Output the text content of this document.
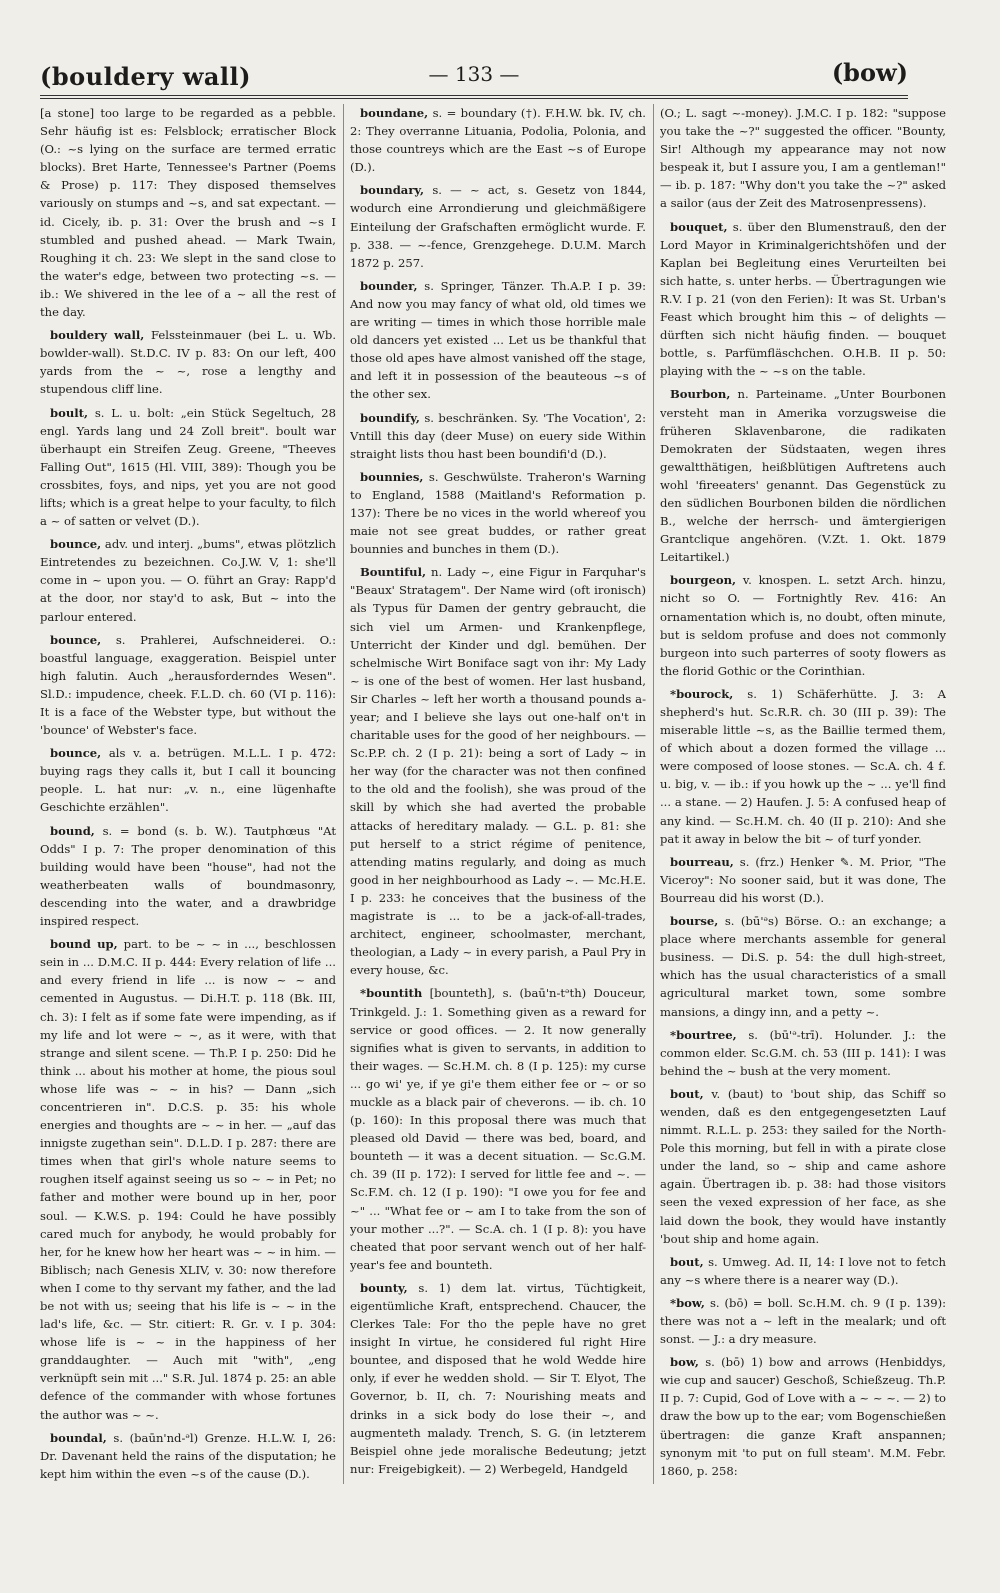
(bouldery wall)	— 133 —	(bow)

[a stone] too large to be regarded as a pebble. Sehr häufig ist es: Felsblock; erratischer Block (O.: ~s lying on the surface are termed erratic blocks). Bret Harte, Tennessee's Partner (Poems & Prose) p. 117: They disposed themselves variously on stumps and ~s, and sat expectant. — id. Cicely, ib. p. 31: Over the brush and ~s I stumbled and pushed ahead. — Mark Twain, Roughing it ch. 23: We slept in the sand close to the water's edge, between two protecting ~s. — ib.: We shivered in the lee of a ~ all the rest of the day.

bouldery wall, Felssteinmauer (bei L. u. Wb. bowlder-wall). St.D.C. IV p. 83: On our left, 400 yards from the ~ ~, rose a lengthy and stupendous cliff line.

boult, s. L. u. bolt: „ein Stück Segeltuch, 28 engl. Yards lang und 24 Zoll breit". boult war überhaupt ein Streifen Zeug. Greene, "Theeves Falling Out", 1615 (Hl. VIII, 389): Though you be crossbites, foys, and nips, yet you are not good lifts; which is a great helpe to your faculty, to filch a ~ of satten or velvet (D.).

bounce, adv. und interj. „bums", etwas plötzlich Eintretendes zu bezeichnen. Co.J.W. V, 1: she'll come in ~ upon you. — O. führt an Gray: Rapp'd at the door, nor stay'd to ask, But ~ into the parlour entered.

bounce, s. Prahlerei, Aufschneiderei. O.: boastful language, exaggeration. Beispiel unter high falutin. Auch „herausforderndes Wesen". Sl.D.: impudence, cheek. F.L.D. ch. 60 (VI p. 116): It is a face of the Webster type, but without the 'bounce' of Webster's face.

bounce, als v. a. betrügen. M.L.L. I p. 472: buying rags they calls it, but I call it bouncing people. L. hat nur: „v. n., eine lügenhafte Geschichte erzählen".

bound, s. = bond (s. b. W.). Tautphœus "At Odds" I p. 7: The proper denomination of this building would have been "house", had not the weatherbeaten walls of boundmasonry, descending into the water, and a drawbridge inspired respect.

bound up, part. to be ~ ~ in ..., beschlossen sein in ... D.M.C. II p. 444: Every relation of life ... and every friend in life ... is now ~ ~ and cemented in Augustus. — Di.H.T. p. 118 (Bk. III, ch. 3): I felt as if some fate were impending, as if my life and lot were ~ ~, as it were, with that strange and silent scene. — Th.P. I p. 250: Did he think ... about his mother at home, the pious soul whose life was ~ ~ in his? — Dann „sich concentrieren in". D.C.S. p. 35: his whole energies and thoughts are ~ ~ in her. — „auf das innigste zugethan sein". D.L.D. I p. 287: there are times when that girl's whole nature seems to roughen itself against seeing us so ~ ~ in Pet; no father and mother were bound up in her, poor soul. — K.W.S. p. 194: Could he have possibly cared much for anybody, he would probably for her, for he knew how her heart was ~ ~ in him. — Biblisch; nach Genesis XLIV, v. 30: now therefore when I come to thy servant my father, and the lad be not with us; seeing that his life is ~ ~ in the lad's life, &c. — Str. citiert: R. Gr. v. I p. 304: whose life is ~ ~ in the happiness of her granddaughter. — Auch mit "with", „eng verknüpft sein mit ..." S.R. Jul. 1874 p. 25: an able defence of the commander with whose fortunes the author was ~ ~.

boundal, s. (baūn'nd-ᵊl) Grenze. H.L.W. I, 26: Dr. Davenant held the rains of the disputation; he kept him within the even ~s of the cause (D.).

boundane, s. = boundary (†). F.H.W. bk. IV, ch. 2: They overranne Lituania, Podolia, Polonia, and those countreys which are the East ~s of Europe (D.).

boundary, s. — ~ act, s. Gesetz von 1844, wodurch eine Arrondierung und gleichmäßigere Einteilung der Grafschaften ermöglicht wurde. F. p. 338. — ~-fence, Grenzgehege. D.U.M. March 1872 p. 257.

bounder, s. Springer, Tänzer. Th.A.P. I p. 39: And now you may fancy of what old, old times we are writing — times in which those horrible male old dancers yet existed ... Let us be thankful that those old apes have almost vanished off the stage, and left it in possession of the beauteous ~s of the other sex.

boundify, s. beschränken. Sy. 'The Vocation', 2: Vntill this day (deer Muse) on euery side Within straight lists thou hast been boundifi'd (D.).

bounnies, s. Geschwülste. Traheron's Warning to England, 1588 (Maitland's Reformation p. 137): There be no vices in the world whereof you maie not see great buddes, or rather great bounnies and bunches in them (D.).

Bountiful, n. Lady ~, eine Figur in Farquhar's "Beaux' Stratagem". Der Name wird (oft ironisch) als Typus für Damen der gentry gebraucht, die sich viel um Armen- und Krankenpflege, Unterricht der Kinder und dgl. bemühen. Der schelmische Wirt Boniface sagt von ihr: My Lady ~ is one of the best of women. Her last husband, Sir Charles ~ left her worth a thousand pounds a-year; and I believe she lays out one-half on't in charitable uses for the good of her neighbours. — Sc.P.P. ch. 2 (I p. 21): being a sort of Lady ~ in her way (for the character was not then confined to the old and the foolish), she was proud of the skill by which she had averted the probable attacks of hereditary malady. — G.L. p. 81: she put herself to a strict régime of penitence, attending matins regularly, and doing as much good in her neighbourhood as Lady ~. — Mc.H.E. I p. 233: he conceives that the business of the magistrate is ... to be a jack-of-all-trades, architect, engineer, schoolmaster, merchant, theologian, a Lady ~ in every parish, a Paul Pry in every house, &c.

*bountith [bounteth], s. (baū'n-tᵊth) Douceur, Trinkgeld. J.: 1. Something given as a reward for service or good offices. — 2. It now generally signifies what is given to servants, in addition to their wages. — Sc.H.M. ch. 8 (I p. 125): my curse ... go wi' ye, if ye gi'e them either fee or ~ or so muckle as a black pair of cheverons. — ib. ch. 10 (p. 160): In this proposal there was much that pleased old David — there was bed, board, and bounteth — it was a decent situation. — Sc.G.M. ch. 39 (II p. 172): I served for little fee and ~. — Sc.F.M. ch. 12 (I p. 190): "I owe you for fee and ~" ... "What fee or ~ am I to take from the son of your mother ...?". — Sc.A. ch. 1 (I p. 8): you have cheated that poor servant wench out of her half-year's fee and bounteth.

bounty, s. 1) dem lat. virtus, Tüchtigkeit, eigentümliche Kraft, entsprechend. Chaucer, the Clerkes Tale: For tho the peple have no gret insight In virtue, he considered ful right Hire bountee, and disposed that he wold Wedde hire only, if ever he wedden shold. — Sir T. Elyot, The Governor, b. II, ch. 7: Nourishing meats and drinks in a sick body do lose their ~, and augmenteth malady. Trench, S. G. (in letzterem Beispiel ohne jede moralische Bedeutung; jetzt nur: Freigebigkeit). — 2) Werbegeld, Handgeld

(O.; L. sagt ~-money). J.M.C. I p. 182: "suppose you take the ~?" suggested the officer. "Bounty, Sir! Although my appearance may not now bespeak it, but I assure you, I am a gentleman!" — ib. p. 187: "Why don't you take the ~?" asked a sailor (aus der Zeit des Matrosenpressens).

bouquet, s. über den Blumenstrauß, den der Lord Mayor in Kriminalgerichtshöfen und der Kaplan bei Begleitung eines Verurteilten bei sich hatte, s. unter herbs. — Übertragungen wie R.V. I p. 21 (von den Ferien): It was St. Urban's Feast which brought him this ~ of delights — dürften sich nicht häufig finden. — bouquet bottle, s. Parfümfläschchen. O.H.B. II p. 50: playing with the ~ ~s on the table.

Bourbon, n. Parteiname. „Unter Bourbonen versteht man in Amerika vorzugsweise die früheren Sklavenbarone, die radikaten Demokraten der Südstaaten, wegen ihres gewaltthätigen, heißblütigen Auftretens auch wohl 'fireeaters' genannt. Das Gegenstück zu den südlichen Bourbonen bilden die nördlichen B., welche der herrsch- und ämtergierigen Grantclique angehören. (V.Zt. 1. Okt. 1879 Leitartikel.)

bourgeon, v. knospen. L. setzt Arch. hinzu, nicht so O. — Fortnightly Rev. 416: An ornamentation which is, no doubt, often minute, but is seldom profuse and does not commonly burgeon into such parterres of sooty flowers as the florid Gothic or the Corinthian.

*bourock, s. 1) Schäferhütte. J. 3: A shepherd's hut. Sc.R.R. ch. 30 (III p. 39): The miserable little ~s, as the Baillie termed them, of which about a dozen formed the village ... were composed of loose stones. — Sc.A. ch. 4 f. u. big, v. — ib.: if you howk up the ~ ... ye'll find ... a stane. — 2) Haufen. J. 5: A confused heap of any kind. — Sc.H.M. ch. 40 (II p. 210): And she pat it away in below the bit ~ of turf yonder.

bourreau, s. (frz.) Henker ✎. M. Prior, "The Viceroy": No sooner said, but it was done, The Bourreau did his worst (D.).

bourse, s. (bū'ᵊs) Börse. O.: an exchange; a place where merchants assemble for general business. — Di.S. p. 54: the dull high-street, which has the usual characteristics of a small agricultural market town, some sombre mansions, a dingy inn, and a petty ~.

*bourtree, s. (bū'ᵊ-trī). Holunder. J.: the common elder. Sc.G.M. ch. 53 (III p. 141): I was behind the ~ bush at the very moment.

bout, v. (baut) to 'bout ship, das Schiff so wenden, daß es den entgegengesetzten Lauf nimmt. R.L.L. p. 253: they sailed for the North-Pole this morning, but fell in with a pirate close under the land, so ~ ship and came ashore again. Übertragen ib. p. 38: had those visitors seen the vexed expression of her face, as she laid down the book, they would have instantly 'bout ship and home again.

bout, s. Umweg. Ad. II, 14: I love not to fetch any ~s where there is a nearer way (D.).

*bow, s. (bō) = boll. Sc.H.M. ch. 9 (I p. 139): there was not a ~ left in the mealark; und oft sonst. — J.: a dry measure.

bow, s. (bō) 1) bow and arrows (Henbiddys, wie cup and saucer) Geschoß, Schießzeug. Th.P. II p. 7: Cupid, God of Love with a ~ ~ ~. — 2) to draw the bow up to the ear; vom Bogenschießen übertragen: die ganze Kraft anspannen; synonym mit 'to put on full steam'. M.M. Febr. 1860, p. 258:
